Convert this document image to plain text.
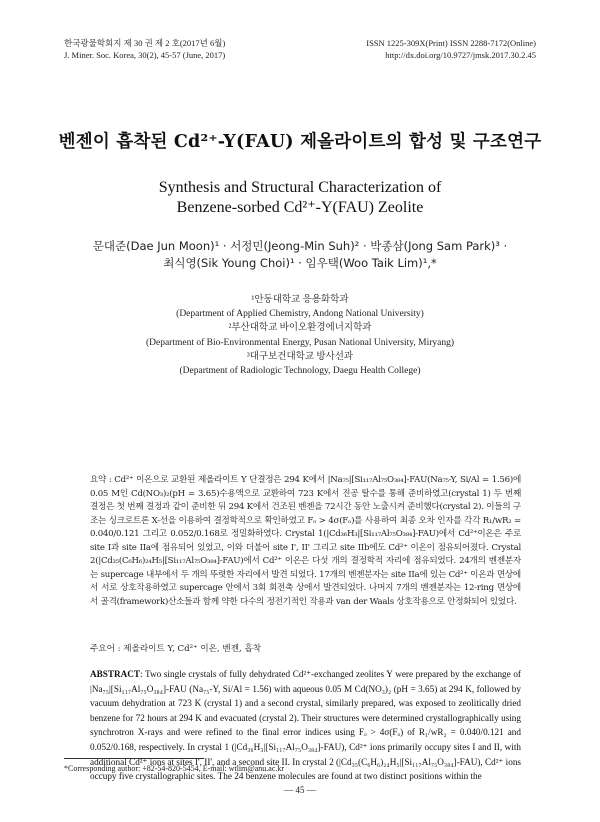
한국광물학회지 제 30 권 제 2 호(2017년 6월)
J. Miner. Soc. Korea, 30(2), 45-57 (June, 2017)
ISSN 1225-309X(Print) ISSN 2288-7172(Online)
http://dx.doi.org/10.9727/jmsk.2017.30.2.45
벤젠이 흡착된 Cd²⁺-Y(FAU) 제올라이트의 합성 및 구조연구
Synthesis and Structural Characterization of
Benzene-sorbed Cd²⁺-Y(FAU) Zeolite
문대준(Dae Jun Moon)¹ · 서정민(Jeong-Min Suh)² · 박종삼(Jong Sam Park)³ ·
최식영(Sik Young Choi)¹ · 임우택(Woo Taik Lim)¹,*
¹안동대학교 응용화학과
(Department of Applied Chemistry, Andong National University)
²부산대학교 바이오환경에너지학과
(Department of Bio-Environmental Energy, Pusan National University, Miryang)
³대구보건대학교 방사선과
(Department of Radiologic Technology, Daegu Health College)
요약 : Cd²⁺ 이온으로 교환된 제올라이트 Y 단결정은 294 K에서 |Na₇₅|[Si₁₁₇Al₇₅O₃₈₄]-FAU(Na₇₅-Y, Si/Al = 1.56)에 0.05 M인 Cd(NO₃)₂(pH = 3.65)수용액으로 교환하여 723 K에서 진공 탈수를 통해 준비하였고(crystal 1) 두 번째 결정은 첫 번째 결정과 같이 준비한 뒤 294 K에서 건조된 벤젠을 72시간 동안 노출시켜 준비했다(crystal 2). 이들의 구조는 싱크로트론 X-선을 이용하여 결정학적으로 확인하였고 Fₒ > 4σ(Fₒ)를 사용하여 최종 오차 인자를 각각 R₁/wR₂ = 0.040/0.121 그리고 0.052/0.168로 정밀화하였다. Crystal 1(|Cd₃₆H₃|[Si₁₁₇Al₇₅O₃₈₄]-FAU)에서 Cd²⁺이온은 주로 site I과 site IIa에 점유되어 있었고, 이와 더불어 site I', II' 그리고 site IIb에도 Cd²⁺ 이온이 점유되어졌다. Crystal 2(|Cd₃₅(C₆H₆)₂₄H₅|[Si₁₁₇Al₇₅O₃₈₄]-FAU)에서 Cd²⁺ 이온은 다섯 개의 결정학적 자리에 점유되었다. 24개의 벤젠분자는 supercage 내부에서 두 개의 뚜렷한 자리에서 발견 되었다. 17개의 벤젠분자는 site IIa에 있는 Cd²⁺ 이온과 면상에서 서로 상호작용하였고 supercage 안에서 3회 회전축 상에서 발견되었다. 나머지 7개의 벤젠분자는 12-ring 면상에서 골격(framework)산소들과 함께 약한 다수의 정전기적인 작용과 van der Waals 상호작용으로 안정화되어 있었다.
주요어 : 제올라이트 Y, Cd²⁺ 이온, 벤젠, 흡착
ABSTRACT: Two single crystals of fully dehydrated Cd²⁺-exchanged zeolites Y were prepared by the exchange of |Na₇₅|[Si₁₁₇Al₇₅O₃₈₄]-FAU (Na₇₅-Y, Si/Al = 1.56) with aqueous 0.05 M Cd(NO₃)₂ (pH = 3.65) at 294 K, followed by vacuum dehydration at 723 K (crystal 1) and a second crystal, similarly prepared, was exposed to zeolitically dried benzene for 72 hours at 294 K and evacuated (crystal 2). Their structures were determined crystallographically using synchrotron X-rays and were refined to the final error indices using Fₒ > 4σ(Fₒ) of R₁/wR₂ = 0.040/0.121 and 0.052/0.168, respectively. In crystal 1 (|Cd₃₆H₃|[Si₁₁₇Al₇₅O₃₈₄]-FAU), Cd²⁺ ions primarily occupy sites I and II, with additional Cd²⁺ ions at sites I', II', and a second site II. In crystal 2 (|Cd₃₅(C₆H₆)₂₄H₅|[Si₁₁₇Al₇₅O₃₈₄]-FAU), Cd²⁺ ions occupy five crystallographic sites. The 24 benzene molecules are found at two distinct positions within the
*Corresponding author: +82-54-820-5454, E-mail: wtlim@anu.ac.kr
― 45 ―
